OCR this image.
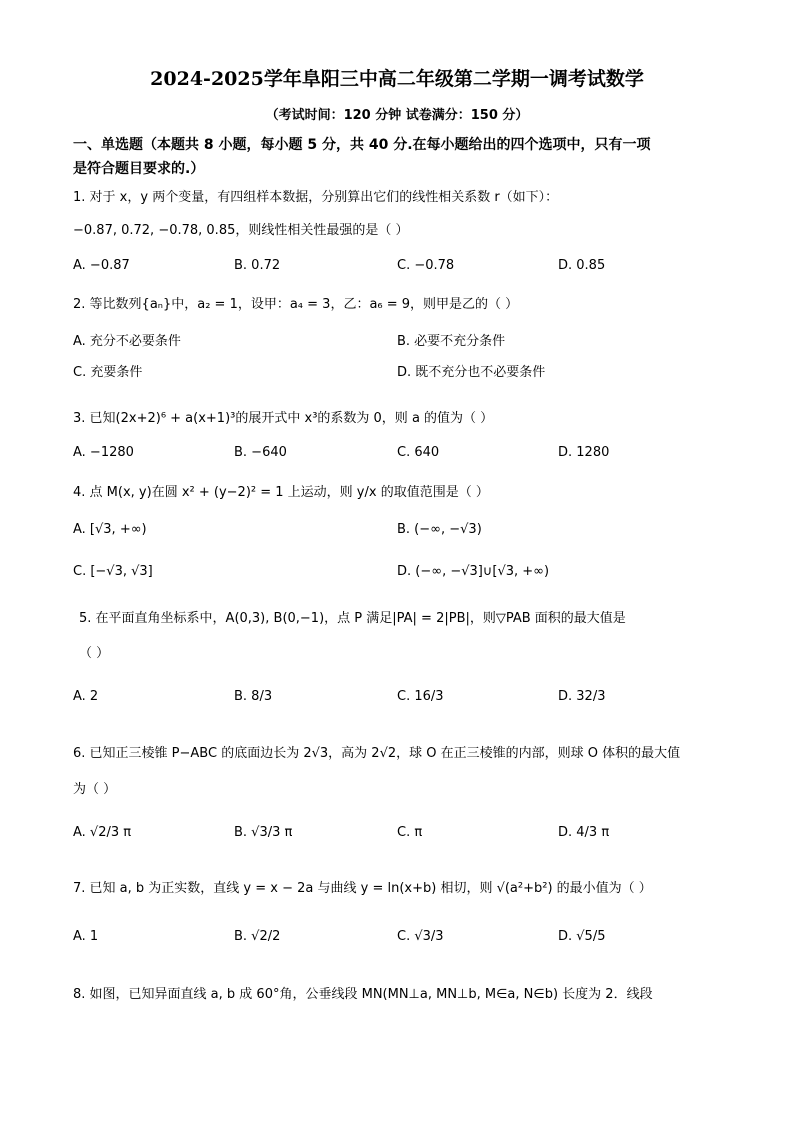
2024-2025学年阜阳三中高二年级第二学期一调考试数学
（考试时间：120 分钟 试卷满分：150 分）
一、单选题（本题共 8 小题，每小题 5 分，共 40 分.在每小题给出的四个选项中，只有一项
是符合题目要求的.）
1. 对于 x，y 两个变量，有四组样本数据，分别算出它们的线性相关系数 r（如下）：
−0.87, 0.72, −0.78, 0.85，则线性相关性最强的是（ ）
A. −0.87	B. 0.72	C. −0.78	D. 0.85
2. 等比数列{aₙ}中，a₂ = 1，设甲：a₄ = 3，乙：a₆ = 9，则甲是乙的（ ）
A. 充分不必要条件	B. 必要不充分条件
C. 充要条件	D. 既不充分也不必要条件
3. 已知(2x+2)⁶ + a(x+1)³的展开式中 x³的系数为 0，则 a 的值为（ ）
A. −1280	B. −640	C. 640	D. 1280
4. 点 M(x, y)在圆 x² + (y−2)² = 1 上运动，则 y/x 的取值范围是（ ）
A. [√3, +∞)	B. (−∞, −√3)
C. [−√3, √3]	D. (−∞, −√3]∪[√3, +∞)
5. 在平面直角坐标系中，A(0,3), B(0,−1)，点 P 满足|PA| = 2|PB|，则▽PAB 面积的最大值是
（ ）
A. 2	B. 8/3	C. 16/3	D. 32/3
6. 已知正三棱锥 P−ABC 的底面边长为 2√3，高为 2√2，球 O 在正三棱锥的内部，则球 O 体积的最大值
为（ ）
A. √2/3 π	B. √3/3 π	C. π	D. 4/3 π
7. 已知 a, b 为正实数，直线 y = x − 2a 与曲线 y = ln(x+b) 相切，则 √(a²+b²) 的最小值为（ ）
A. 1	B. √2/2	C. √3/3	D. √5/5
8. 如图，已知异面直线 a, b 成 60°角，公垂线段 MN(MN⊥a, MN⊥b, M∈a, N∈b) 长度为 2．线段
